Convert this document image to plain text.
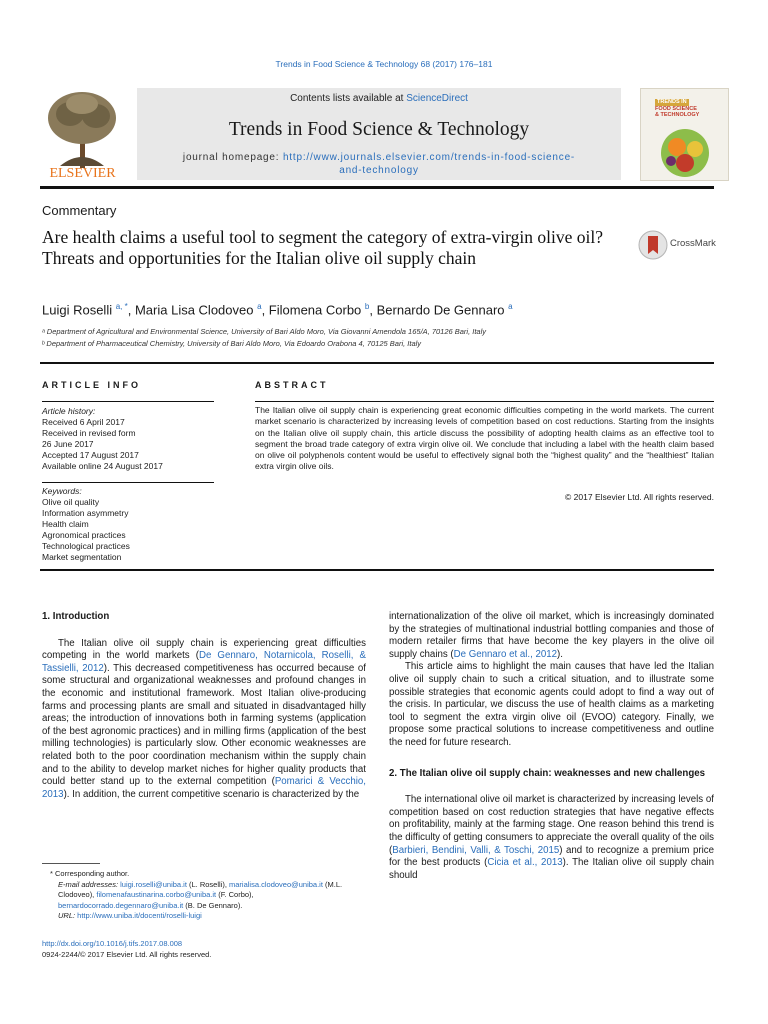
Trends in Food Science & Technology 68 (2017) 176–181
ELSEVIER
Contents lists available at ScienceDirect
Trends in Food Science & Technology
journal homepage: http://www.journals.elsevier.com/trends-in-food-science-
and-technology
TRENDS IN

FOOD SCIENCE
& TECHNOLOGY
Commentary
Are health claims a useful tool to segment the category of extra-virgin olive oil? Threats and opportunities for the Italian olive oil supply chain
CrossMark
Luigi Roselli $^{a, *}$, Maria Lisa Clodoveo $^a$, Filomena Corbo $^b$, Bernardo De Gennaro $^a$
ᵃ Department of Agricultural and Environmental Science, University of Bari Aldo Moro, Via Giovanni Amendola 165/A, 70126 Bari, Italy
ᵇ Department of Pharmaceutical Chemistry, University of Bari Aldo Moro, Via Edoardo Orabona 4, 70125 Bari, Italy
ARTICLE INFO
Article history:
Received 6 April 2017
Received in revised form
26 June 2017
Accepted 17 August 2017
Available online 24 August 2017
Keywords:
Olive oil quality
Information asymmetry
Health claim
Agronomical practices
Technological practices
Market segmentation
ABSTRACT
The Italian olive oil supply chain is experiencing great economic difficulties competing in the world markets. The current market scenario is characterized by increasing levels of competition based on cost reductions. Starting from the insights on the Italian olive oil supply chain, this article discuss the possibility of adopting health claims as an effective tool to segment the broad trade category of extra virgin olive oil. We conclude that including a label with the health claim based on olive oil polyphenols content would be useful to effectively signal both the “highest quality” and the “healthiest” Italian extra virgin olive oils.
© 2017 Elsevier Ltd. All rights reserved.
1. Introduction

The Italian olive oil supply chain is experiencing great difficulties competing in the world markets (De Gennaro, Notarnicola, Roselli, & Tassielli, 2012). This decreased competitiveness has occurred because of some structural and organizational weaknesses and profound changes in the economic and institutional framework. Most Italian olive-producing farms and processing plants are small and situated in disadvantaged hilly areas; the introduction of innovations both in farming systems (application of the best agronomic practices) and in milling firms (application of the best milling technologies) is particularly slow. Other economic weaknesses are related both to the poor coordination mechanism within the supply chain and to the ability to develop market niches for higher quality products that could better stand up to the external competition (Pomarici & Vecchio, 2013). In addition, the current competitive scenario is characterized by the

internationalization of the olive oil market, which is increasingly dominated by the strategies of multinational industrial bottling companies and those of modern retailer firms that have become the key players in the olive oil supply chains (De Gennaro et al., 2012).

This article aims to highlight the main causes that have led the Italian olive oil supply chain to such a critical situation, and to illustrate some possible strategies that economic agents could adopt to find a way out of the crisis. In particular, we discuss the use of health claims as a marketing tool to segment the extra virgin olive oil (EVOO) category. Finally, we propose some practical solutions to increase competitiveness and outline the need for future research.

2. The Italian olive oil supply chain: weaknesses and new challenges

The international olive oil market is characterized by increasing levels of competition based on cost reduction strategies that have negative effects on profitability, mainly at the farming stage. One reason behind this trend is the difficulty of getting consumers to appreciate the overall quality of the oils (Barbieri, Bendini, Valli, & Toschi, 2015) and to recognize a premium price for the best products (Cicia et al., 2013). The Italian olive oil supply chain should

* Corresponding author.
E-mail addresses: luigi.roselli@uniba.it (L. Roselli), marialisa.clodoveo@uniba.it (M.L. Clodoveo), filomenafaustinarina.corbo@uniba.it (F. Corbo), bernardocorrado.degennaro@uniba.it (B. De Gennaro).
URL: http://www.uniba.it/docenti/roselli-luigi
http://dx.doi.org/10.1016/j.tifs.2017.08.008
0924-2244/© 2017 Elsevier Ltd. All rights reserved.
